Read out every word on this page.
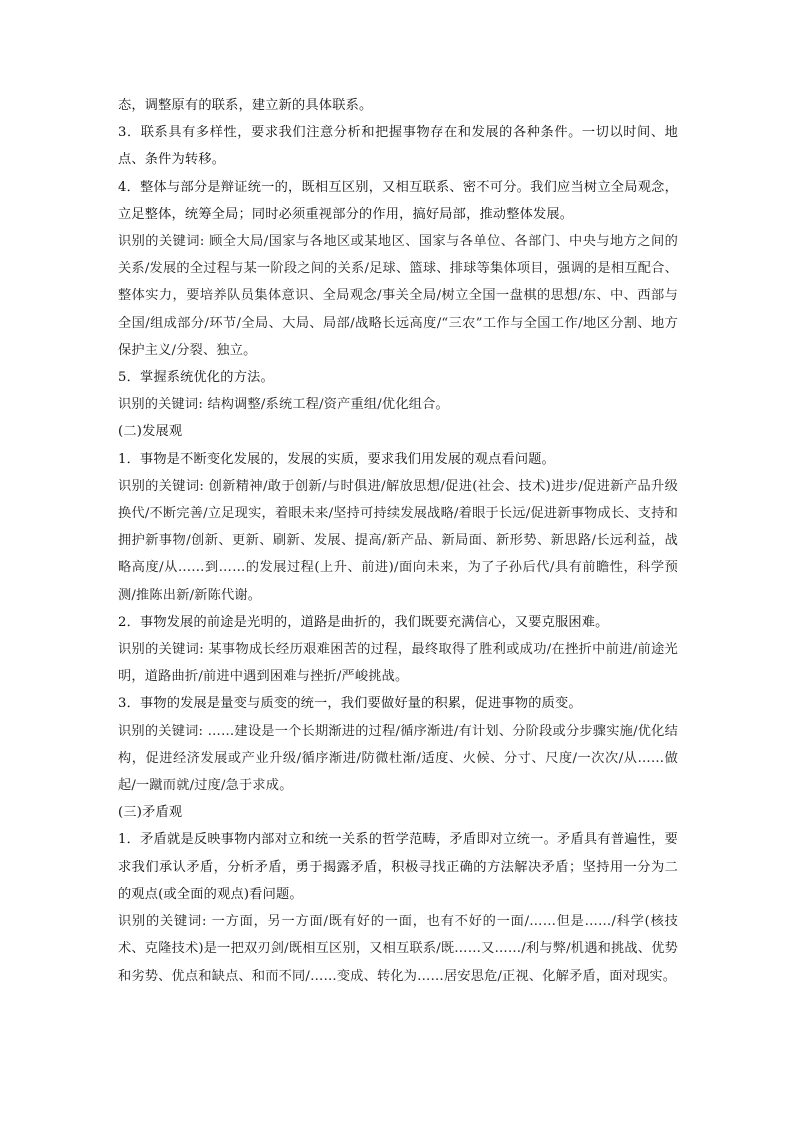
态，调整原有的联系，建立新的具体联系。

3．联系具有多样性，要求我们注意分析和把握事物存在和发展的各种条件。一切以时间、地点、条件为转移。

4．整体与部分是辩证统一的，既相互区别，又相互联系、密不可分。我们应当树立全局观念，立足整体，统筹全局；同时必须重视部分的作用，搞好局部，推动整体发展。

识别的关键词: 顾全大局/国家与各地区或某地区、国家与各单位、各部门、中央与地方之间的关系/发展的全过程与某一阶段之间的关系/足球、篮球、排球等集体项目，强调的是相互配合、整体实力，要培养队员集体意识、全局观念/事关全局/树立全国一盘棋的思想/东、中、西部与全国/组成部分/环节/全局、大局、局部/战略长远高度/“三农”工作与全国工作/地区分割、地方保护主义/分裂、独立。

5．掌握系统优化的方法。

识别的关键词: 结构调整/系统工程/资产重组/优化组合。

(二)发展观

1．事物是不断变化发展的，发展的实质，要求我们用发展的观点看问题。

识别的关键词: 创新精神/敢于创新/与时俱进/解放思想/促进(社会、技术)进步/促进新产品升级换代/不断完善/立足现实，着眼未来/坚持可持续发展战略/着眼于长远/促进新事物成长、支持和拥护新事物/创新、更新、刷新、发展、提高/新产品、新局面、新形势、新思路/长远利益，战略高度/从……到……的发展过程(上升、前进)/面向未来，为了子孙后代/具有前瞻性，科学预测/推陈出新/新陈代谢。

2．事物发展的前途是光明的，道路是曲折的，我们既要充满信心，又要克服困难。

识别的关键词: 某事物成长经历艰难困苦的过程，最终取得了胜利或成功/在挫折中前进/前途光明，道路曲折/前进中遇到困难与挫折/严峻挑战。

3．事物的发展是量变与质变的统一，我们要做好量的积累，促进事物的质变。

识别的关键词: ……建设是一个长期渐进的过程/循序渐进/有计划、分阶段或分步骤实施/优化结构，促进经济发展或产业升级/循序渐进/防微杜渐/适度、火候、分寸、尺度/一次次/从……做起/一蹴而就/过度/急于求成。

(三)矛盾观

1．矛盾就是反映事物内部对立和统一关系的哲学范畴，矛盾即对立统一。矛盾具有普遍性，要求我们承认矛盾，分析矛盾，勇于揭露矛盾，积极寻找正确的方法解决矛盾；坚持用一分为二的观点(或全面的观点)看问题。

识别的关键词: 一方面，另一方面/既有好的一面，也有不好的一面/……但是……/科学(核技术、克隆技术)是一把双刃剑/既相互区别，又相互联系/既……又……/利与弊/机遇和挑战、优势和劣势、优点和缺点、和而不同/……变成、转化为……居安思危/正视、化解矛盾，面对现实。
